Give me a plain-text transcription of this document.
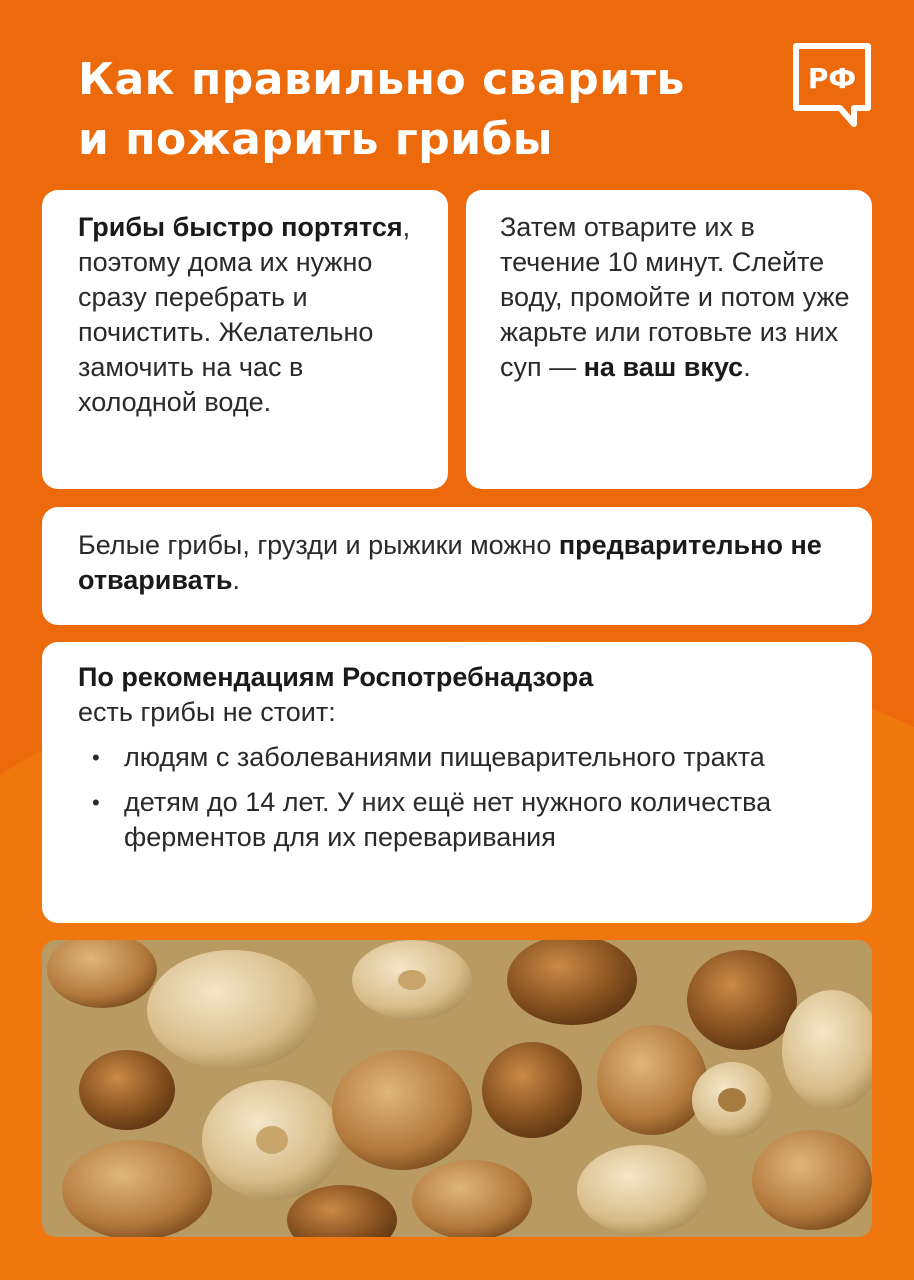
Как правильно сварить
и пожарить грибы
РФ
Грибы быстро портятся, поэтому дома их нужно сразу перебрать и почистить. Желательно замочить на час в холодной воде.
Затем отварите их в течение 10 минут. Слейте воду, промойте и потом уже жарьте или готовьте из них суп — на ваш вкус.
Белые грибы, грузди и рыжики можно предварительно не отваривать.
По рекомендациям Роспотребнадзора
есть грибы не стоит:
• людям с заболеваниями пищеварительного тракта
• детям до 14 лет. У них ещё нет нужного количества ферментов для их переваривания
